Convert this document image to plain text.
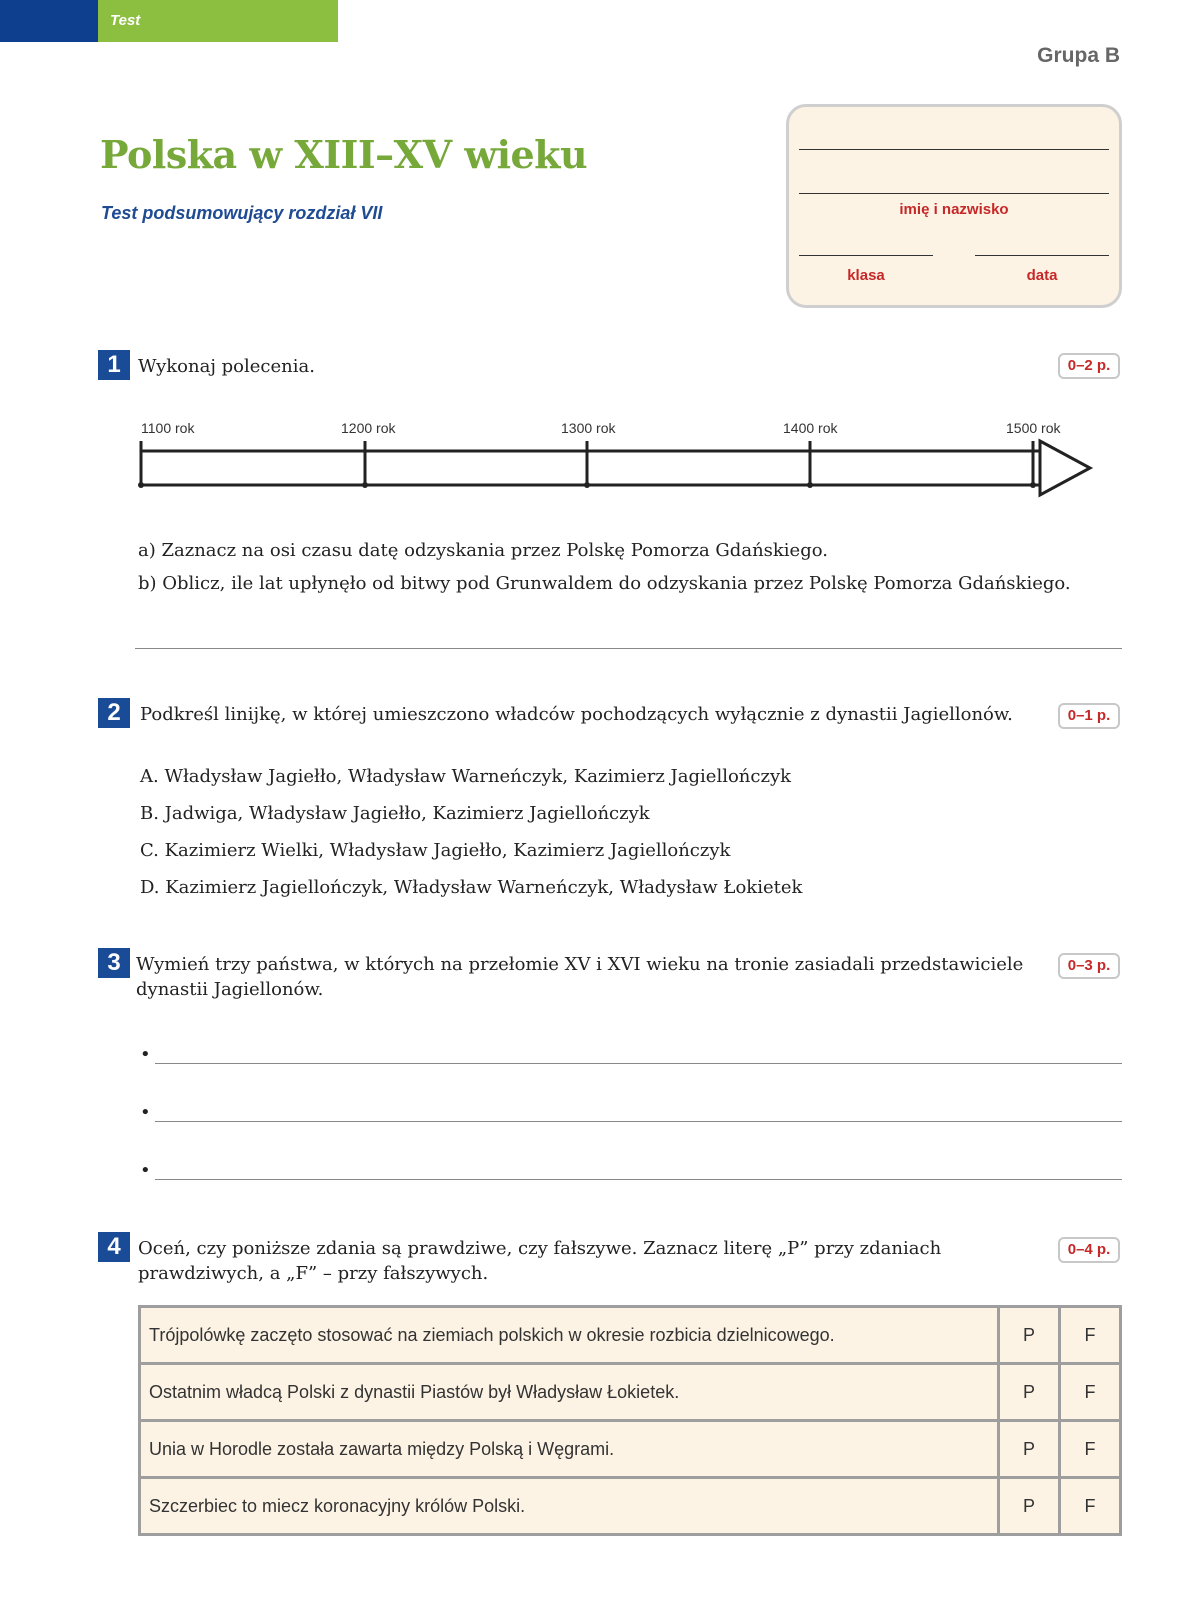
Test
Grupa B
Polska w XIII–XV wieku
Test podsumowujący rozdział VII	imię i nazwisko
klasa	data
1 Wykonaj polecenia.	0–2 p.
1100 rok	1200 rok	1300 rok	1400 rok	1500 rok
a) Zaznacz na osi czasu datę odzyskania przez Polskę Pomorza Gdańskiego.
b) Oblicz, ile lat upłynęło od bitwy pod Grunwaldem do odzyskania przez Polskę Pomorza Gdańskiego.
2	Podkreśl linijkę, w której umieszczono władców pochodzących wyłącznie z dynastii Jagiellonów.	0–1 p.
A. Władysław Jagiełło, Władysław Warneńczyk, Kazimierz Jagiellończyk
B. Jadwiga, Władysław Jagiełło, Kazimierz Jagiellończyk
C. Kazimierz Wielki, Władysław Jagiełło, Kazimierz Jagiellończyk
D. Kazimierz Jagiellończyk, Władysław Warneńczyk, Władysław Łokietek
3 Wymień trzy państwa, w których na przełomie XV i XVI wieku na tronie zasiadali przedstawiciele dynastii Jagiellonów.
0–3 p.
•
•
•
4 Oceń, czy poniższe zdania są prawdziwe, czy fałszywe. Zaznacz literę „P” przy zdaniach prawdziwych, a „F” – przy fałszywych.
0–4 p.
Trójpolówkę zaczęto stosować na ziemiach polskich w okresie rozbicia dzielnicowego.	P	F
Ostatnim władcą Polski z dynastii Piastów był Władysław Łokietek.	P	F
Unia w Horodle została zawarta między Polską i Węgrami.	P	F
Szczerbiec to miecz koronacyjny królów Polski.	P	F
